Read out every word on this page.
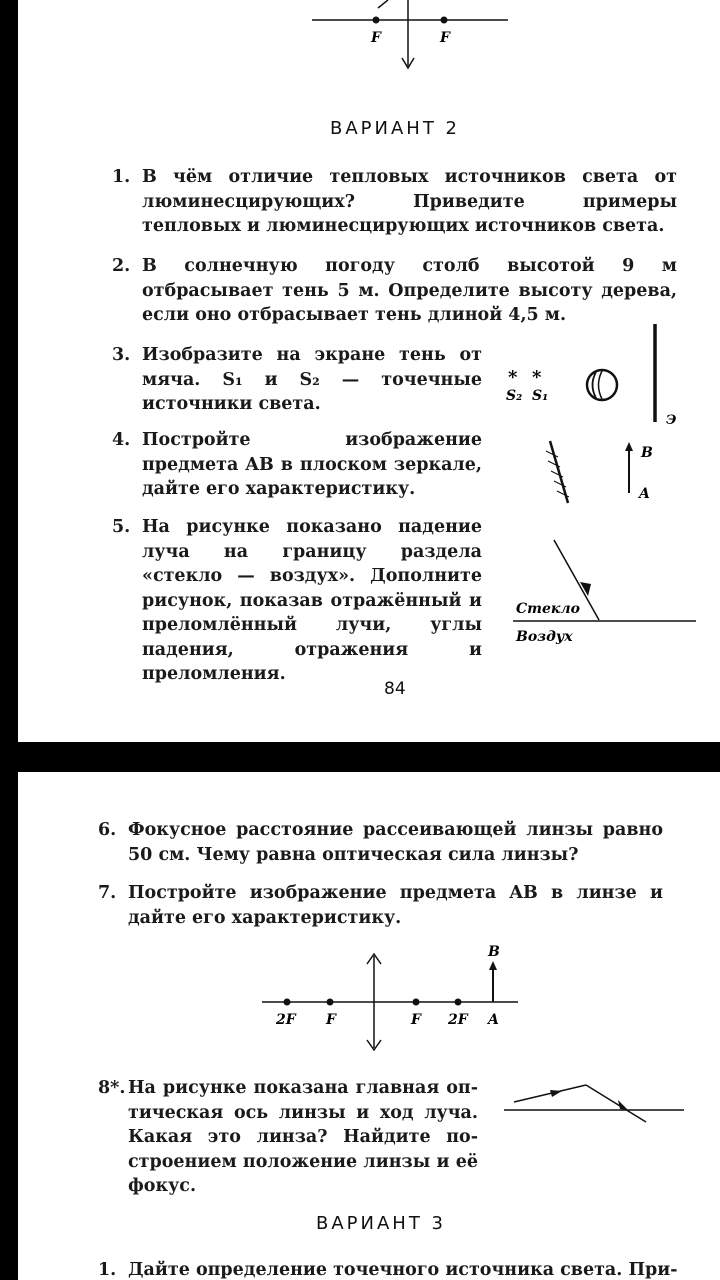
F	F
ВАРИАНТ 2
1. В чём отличие тепловых источников света от люминесцирующих? Приведите примеры тепловых и люминесцирующих источников света.
2. В солнечную погоду столб высотой 9 м отбрасывает тень 5 м. Определите высоту дерева, если оно отбрасывает тень длиной 4,5 м.
3. Изобразите на экране тень от мяча. S₁ и S₂ — точечные источники света.
* *
S₂ S₁
Э
4. Постройте изображение предмета AB в плоском зеркале, дайте его характеристику.
B
A
5. На рисунке показано падение луча на границу раздела «стекло — воздух». Дополните рисунок, показав отражённый и преломлённый лучи, углы падения, отражения и преломления.
Стекло
Воздух
84
6. Фокусное расстояние рассеивающей линзы равно 50 см. Чему равна оптическая сила линзы?
7. Постройте изображение предмета AB в линзе и дайте его характеристику.
B
2F F	F 2F A
8*. На рисунке показана главная оптическая ось линзы и ход луча. Какая это линза? Найдите построением положение линзы и её фокус.
ВАРИАНТ 3
1. Дайте определение точечного источника света. При-
